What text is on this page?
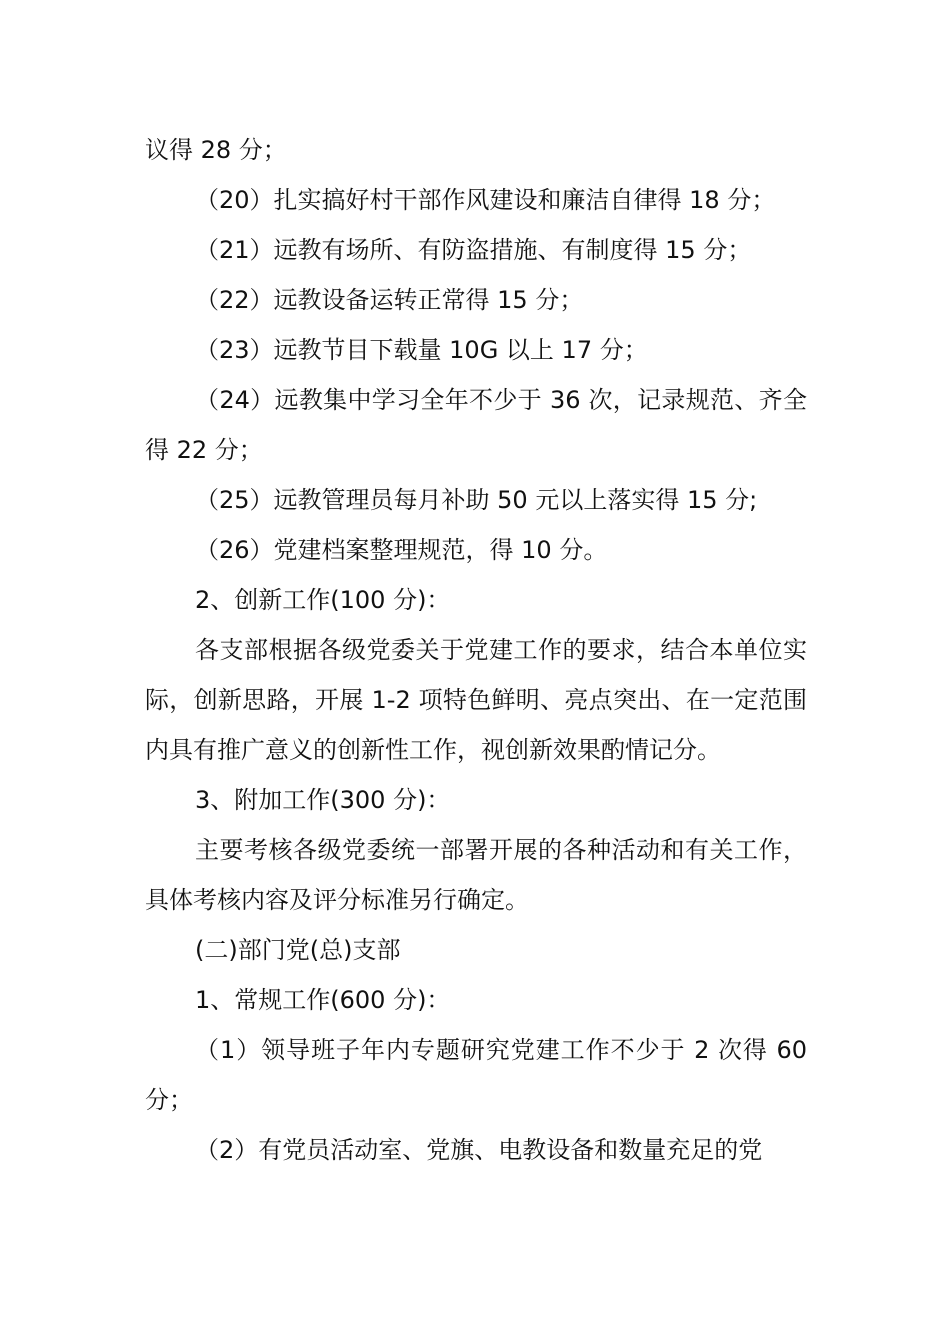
议得 28 分；

（20）扎实搞好村干部作风建设和廉洁自律得 18 分；

（21）远教有场所、有防盗措施、有制度得 15 分；

（22）远教设备运转正常得 15 分；

（23）远教节目下载量 10G 以上 17 分；

（24）远教集中学习全年不少于 36 次，记录规范、齐全得 22 分；

（25）远教管理员每月补助 50 元以上落实得 15 分;

（26）党建档案整理规范，得 10 分。

2、创新工作(100 分)：

各支部根据各级党委关于党建工作的要求，结合本单位实际，创新思路，开展 1-2 项特色鲜明、亮点突出、在一定范围内具有推广意义的创新性工作，视创新效果酌情记分。

3、附加工作(300 分)：

主要考核各级党委统一部署开展的各种活动和有关工作，具体考核内容及评分标准另行确定。

(二)部门党(总)支部

1、常规工作(600 分)：

（1）领导班子年内专题研究党建工作不少于 2 次得 60 分；

（2）有党员活动室、党旗、电教设备和数量充足的党
